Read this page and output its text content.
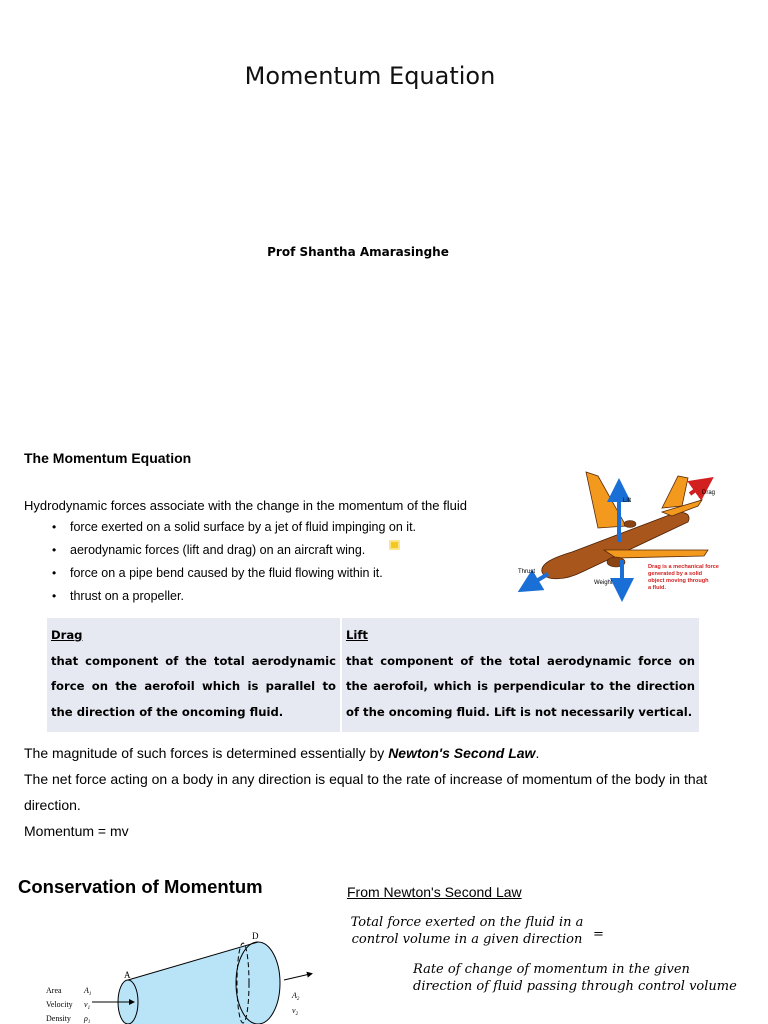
Momentum Equation
Prof Shantha Amarasinghe
The Momentum Equation
Hydrodynamic forces associate with the change in the momentum of the fluid
• force exerted on a solid surface by a jet of fluid impinging on it.
• aerodynamic forces (lift and drag) on an aircraft wing.
• force on a pipe bend caused by the fluid flowing within it.
• thrust on a propeller.
Lift
Drag
Thrust
Weight
Drag is a mechanical force
generated by a solid
object moving through
a fluid.
Drag
that component of the total aerodynamic force on the aerofoil which is parallel to the direction of the oncoming fluid.

Lift
that component of the total aerodynamic force on the aerofoil, which is perpendicular to the direction of the oncoming fluid. Lift is not necessarily vertical.
The magnitude of such forces is determined essentially by Newton's Second Law.
The net force acting on a body in any direction is equal to the rate of increase of momentum of the body in that direction.
Momentum = mv
Conservation of Momentum	From Newton's Second Law
Total force exerted on the fluid in a
control volume in a given direction =
Rate of change of momentum in the given
direction of fluid passing through control volume
A
D
Area
Velocity
Density
$A_1$
$v_1$
$\rho_1$
$A_2$
$v_2$
